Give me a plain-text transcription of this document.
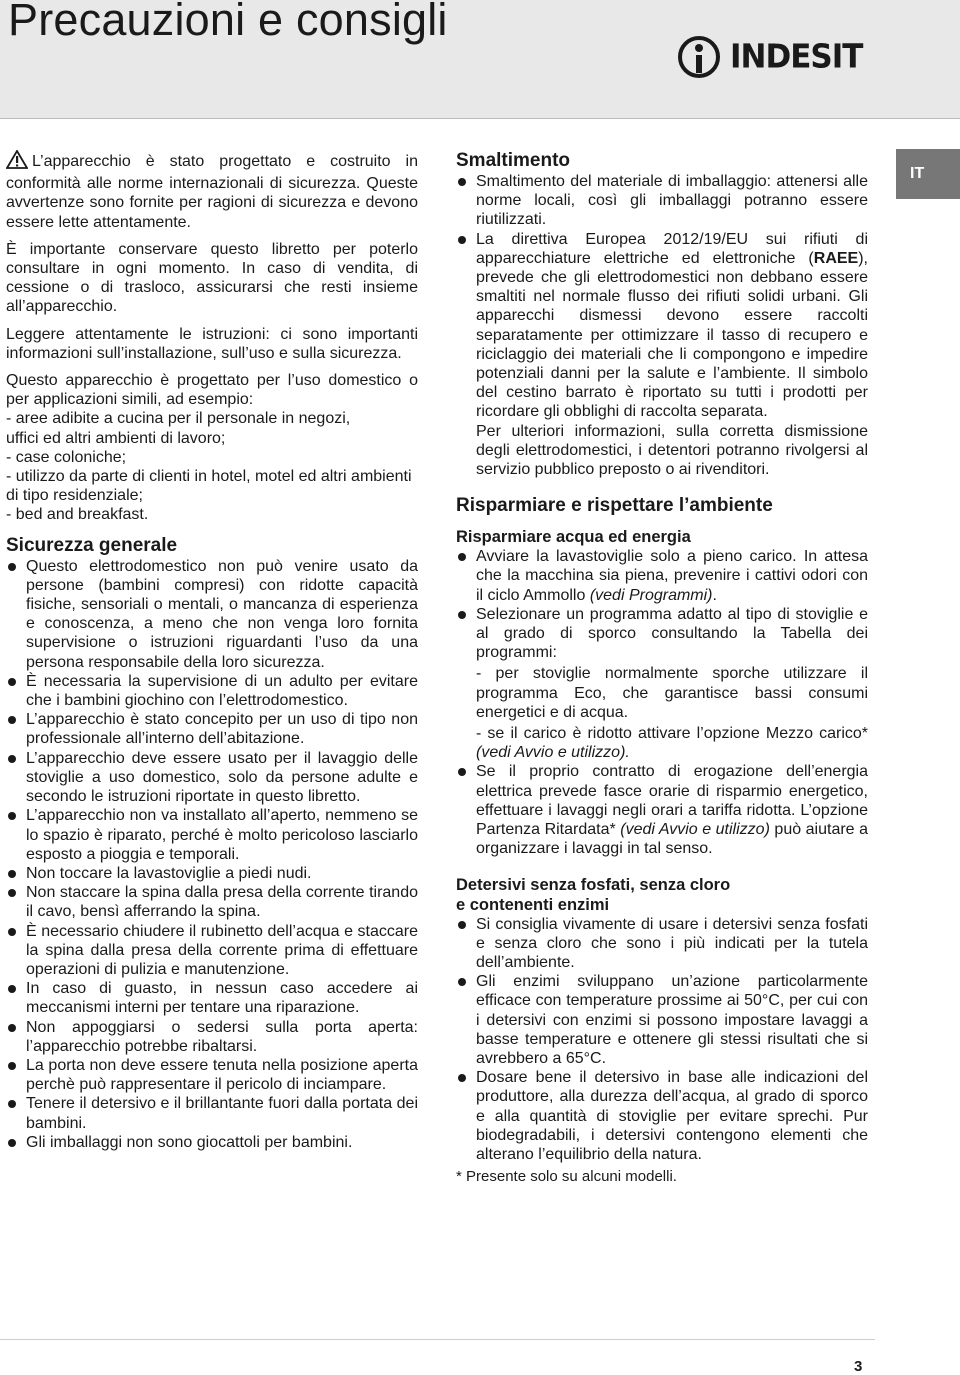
Precauzioni e consigli
INDESIT
IT

L’apparecchio è stato progettato e costruito in conformità alle norme internazionali di sicurezza. Queste avvertenze sono fornite per ragioni di sicurezza e devono essere lette attentamente.

È importante conservare questo libretto per poterlo consultare in ogni momento. In caso di vendita, di cessione o di trasloco, assicurarsi che resti insieme all’apparecchio.

Leggere attentamente le istruzioni: ci sono importanti informazioni sull’installazione, sull’uso e sulla sicurezza.

Questo apparecchio è progettato per l’uso domestico o per applicazioni simili, ad esempio:
- aree adibite a cucina per il personale in negozi,
uffici ed altri ambienti di lavoro;
- case coloniche;
- utilizzo da parte di clienti in hotel, motel ed altri ambienti di tipo residenziale;
- bed and breakfast.
Sicurezza generale
Questo elettrodomestico non può venire usato da persone (bambini compresi) con ridotte capacità fisiche, sensoriali o mentali, o mancanza di esperienza e conoscenza, a meno che non venga loro fornita supervisione o istruzioni riguardanti l’uso da una persona responsabile della loro sicurezza.
È necessaria la supervisione di un adulto per evitare che i bambini giochino con l’elettrodomestico.
L’apparecchio è stato concepito per un uso di tipo non professionale all’interno dell’abitazione.
L’apparecchio deve essere usato per il lavaggio delle stoviglie a uso domestico, solo da persone adulte e secondo le istruzioni riportate in questo libretto.
L’apparecchio non va installato all’aperto, nemmeno se lo spazio è riparato, perché è molto pericoloso lasciarlo esposto a pioggia e temporali.
Non toccare la lavastoviglie a piedi nudi.
Non staccare la spina dalla presa della corrente tirando il cavo, bensì afferrando la spina.
È necessario chiudere il rubinetto dell’acqua e staccare la spina dalla presa della corrente prima di effettuare operazioni di pulizia e manutenzione.
In caso di guasto, in nessun caso accedere ai meccanismi interni per tentare una riparazione.
Non appoggiarsi o sedersi sulla porta aperta: l’apparecchio potrebbe ribaltarsi.
La porta non deve essere tenuta nella posizione aperta perchè può rappresentare il pericolo di inciampare.
Tenere il detersivo e il brillantante fuori dalla portata dei bambini.
Gli imballaggi non sono giocattoli per bambini.
Smaltimento
Smaltimento del materiale di imballaggio: attenersi alle norme locali, così gli imballaggi potranno essere riutilizzati.
La direttiva Europea 2012/19/EU sui rifiuti di apparecchiature elettriche ed elettroniche (RAEE), prevede che gli elettrodomestici non debbano essere smaltiti nel normale flusso dei rifiuti solidi urbani. Gli apparecchi dismessi devono essere raccolti separatamente per ottimizzare il tasso di recupero e riciclaggio dei materiali che li compongono e impedire potenziali danni per la salute e l’ambiente. Il simbolo del cestino barrato è riportato su tutti i prodotti per ricordare gli obblighi di raccolta separata.

Per ulteriori informazioni, sulla corretta dismissione degli elettrodomestici, i detentori potranno rivolgersi al servizio pubblico preposto o ai rivenditori.

Risparmiare e rispettare l’ambiente
Risparmiare acqua ed energia
Avviare la lavastoviglie solo a pieno carico. In attesa che la macchina sia piena, prevenire i cattivi odori con il ciclo Ammollo (vedi Programmi).
Selezionare un programma adatto al tipo di stoviglie e al grado di sporco consultando la Tabella dei programmi:
- per stoviglie normalmente sporche utilizzare il programma Eco, che garantisce bassi consumi energetici e di acqua.
- se il carico è ridotto attivare l’opzione Mezzo carico* (vedi Avvio e utilizzo).
Se il proprio contratto di erogazione dell’energia elettrica prevede fasce orarie di risparmio energetico, effettuare i lavaggi negli orari a tariffa ridotta. L’opzione Partenza Ritardata* (vedi Avvio e utilizzo) può aiutare a organizzare i lavaggi in tal senso.
Detersivi senza fosfati, senza cloro
e contenenti enzimi
Si consiglia vivamente di usare i detersivi senza fosfati e senza cloro che sono i più indicati per la tutela dell’ambiente.
Gli enzimi sviluppano un’azione particolarmente efficace con temperature prossime ai 50°C, per cui con i detersivi con enzimi si possono impostare lavaggi a basse temperature e ottenere gli stessi risultati che si avrebbero a 65°C.
Dosare bene il detersivo in base alle indicazioni del produttore, alla durezza dell’acqua, al grado di sporco e alla quantità di stoviglie per evitare sprechi. Pur biodegradabili, i detersivi contengono elementi che alterano l’equilibrio della natura.
* Presente solo su alcuni modelli.
3
